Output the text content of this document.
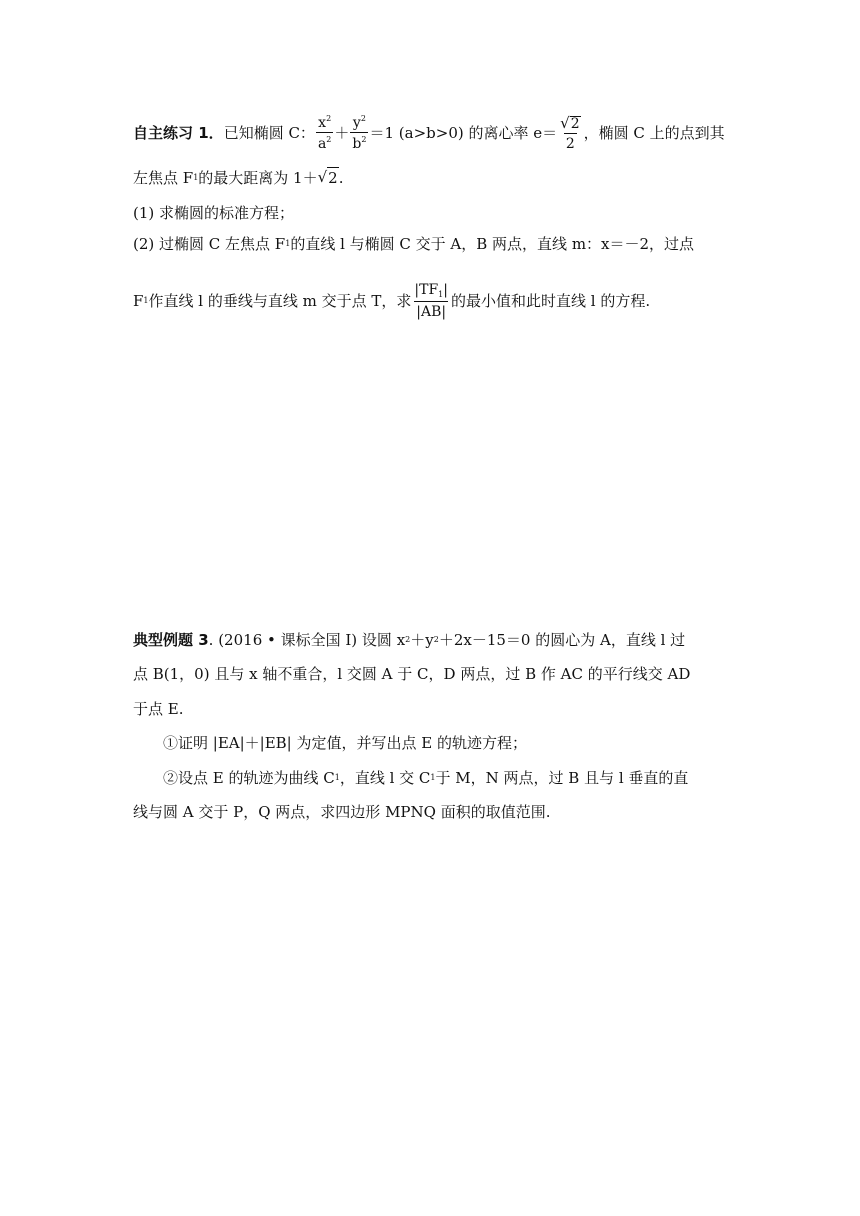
自主练习 1 ． 已知椭圆 C： $\frac{x^2}{a^2} + \frac{y^2}{b^2} =1$ (a>b>0) 的离心率 $e= \frac{√ 2}{2}$ ，椭圆 C 上的点到其
左焦点 F 1 的最大距离为 1＋ √ 2 .
(1) 求椭圆的标准方程；
(2) 过椭圆 C 左焦点 F 1 的直线 l 与椭圆 C 交于 A，B 两点，直线 m：x＝－2，过点
F 1 作直线 l 的垂线与直线 m 交于点 T，求 $\frac{|TF_1|}{|AB|}$ 的最小值和此时直线 l 的方程.
典型例题 3 . (2016 • 课标全国 Ⅰ) 设圆 x 2 ＋y 2 ＋2x－15＝0 的圆心为 A，直线 l 过
点 B(1，0) 且与 x 轴不重合，l 交圆 A 于 C，D 两点，过 B 作 AC 的平行线交 AD
于点 E.
①证明 |EA|＋|EB| 为定值，并写出点 E 的轨迹方程；
②设点 E 的轨迹为曲线 C 1 ，直线 l 交 C 1 于 M，N 两点，过 B 且与 l 垂直的直
线与圆 A 交于 P，Q 两点，求四边形 MPNQ 面积的取值范围.
